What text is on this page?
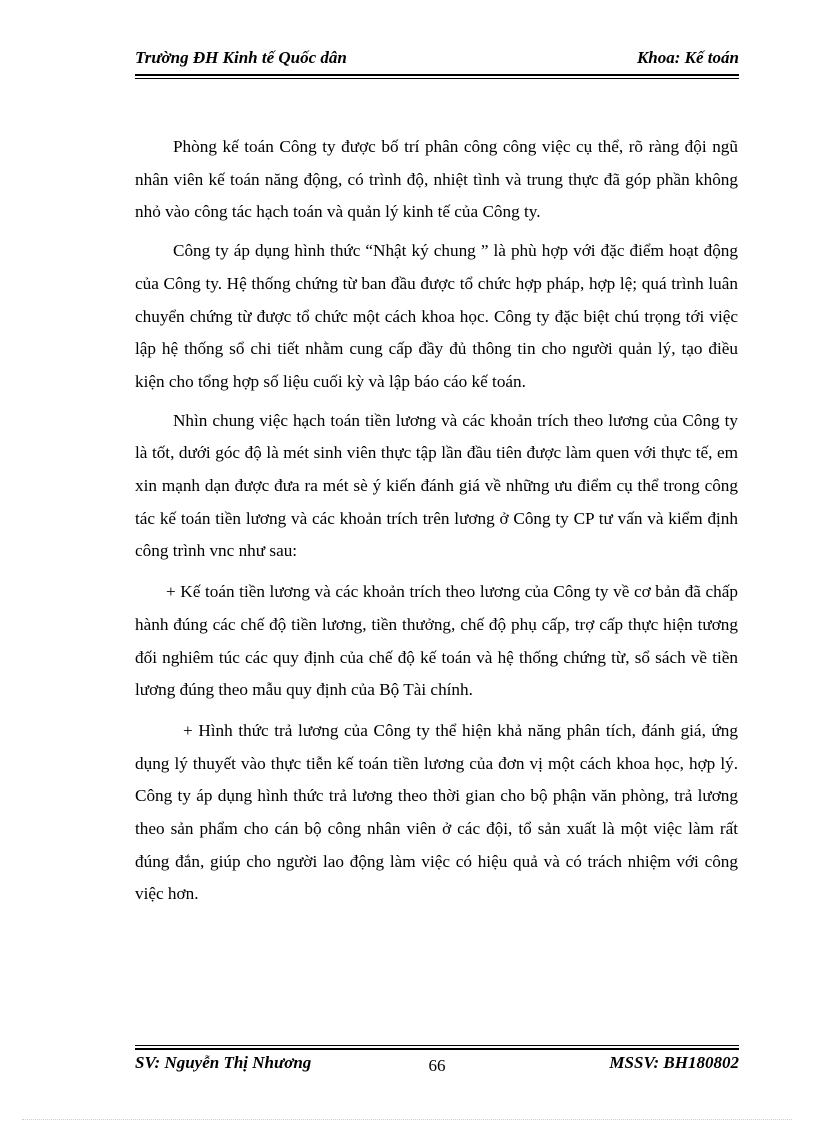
Trường ĐH Kinh tế Quốc dân	Khoa: Kế toán

Phòng kế toán Công ty được bố trí phân công công việc cụ thể, rõ ràng đội ngũ nhân viên kế toán năng động, có trình độ, nhiệt tình và trung thực đã góp phần không nhỏ vào công tác hạch toán và quản lý kinh tế của Công ty.

Công ty áp dụng hình thức “Nhật ký chung ” là phù hợp với đặc điểm hoạt động của Công ty. Hệ thống chứng từ ban đầu được tổ chức hợp pháp, hợp lệ; quá trình luân chuyển chứng từ được tổ chức một cách khoa học. Công ty đặc biệt chú trọng tới việc lập hệ thống sổ chi tiết nhằm cung cấp đầy đủ thông tin cho người quản lý, tạo điều kiện cho tổng hợp số liệu cuối kỳ và lập báo cáo kế toán.

Nhìn chung việc hạch toán tiền lương và các khoản trích theo lương của Công ty là tốt, dưới góc độ là mét sinh viên thực tập lần đầu tiên được làm quen với thực tế, em xin mạnh dạn được đưa ra mét sè ý kiến đánh giá về những ưu điểm cụ thể trong công tác kế toán tiền lương và các khoản trích trên lương ở Công ty CP tư vấn và kiểm định công trình vnc như sau:

+ Kế toán tiền lương và các khoản trích theo lương của Công ty về cơ bản đã chấp hành đúng các chế độ tiền lương, tiền thưởng, chế độ phụ cấp, trợ cấp thực hiện tương đối nghiêm túc các quy định của chế độ kế toán và hệ thống chứng từ, sổ sách về tiền lương đúng theo mẫu quy định của Bộ Tài chính.

+ Hình thức trả lương của Công ty thể hiện khả năng phân tích, đánh giá, ứng dụng lý thuyết vào thực tiễn kế toán tiền lương của đơn vị một cách khoa học, hợp lý. Công ty áp dụng hình thức trả lương theo thời gian cho bộ phận văn phòng, trả lương theo sản phẩm cho cán bộ công nhân viên ở các đội, tổ sản xuất là một việc làm rất đúng đắn, giúp cho người lao động làm việc có hiệu quả và có trách nhiệm với công việc hơn.

SV: Nguyễn Thị Nhương	66	MSSV: BH180802
